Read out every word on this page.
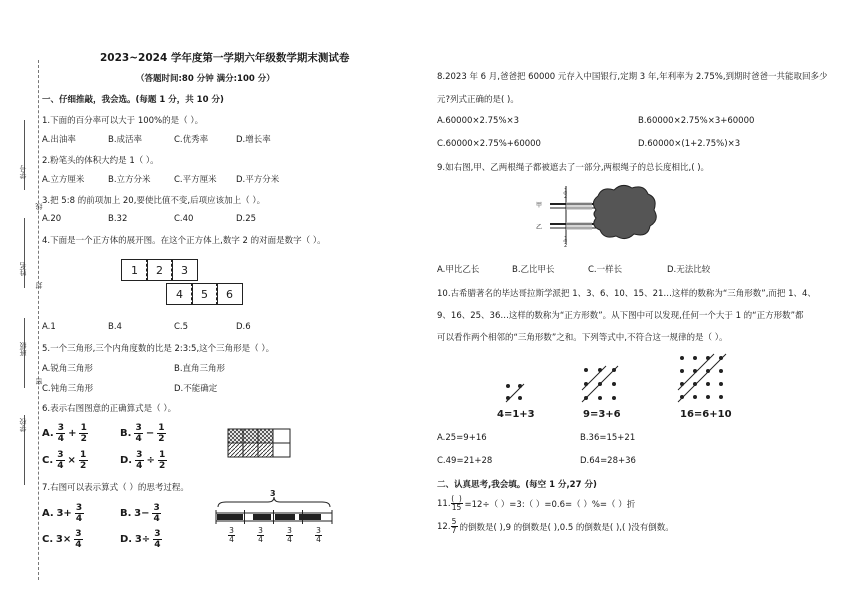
学号
线
姓名
封
班级
密
学校
2023~2024 学年度第一学期六年级数学期末测试卷
（答题时间:80 分钟 满分:100 分）
一、仔细推敲，我会选。(每题 1 分，共 10 分)
1.下面的百分率可以大于 100%的是（ ）。
A.出油率	B.成活率	C.优秀率	D.增长率
2.粉笔头的体积大约是 1（ ）。
A.立方厘米	B.立方分米	C.平方厘米 D.平方分米
3.把 5:8 的前项加上 20,要使比值不变,后项应该加上（ ）。
A.20	B.32	C.40	D.25
4.下面是一个正方体的展开图。在这个正方体上,数字 2 的对面是数字（ ）。
1	2	3
4	5	6
A.1	B.4	C.5	D.6
5.一个三角形,三个内角度数的比是 2:3:5,这个三角形是（ ）。
A.锐角三角形	B.直角三角形
C.钝角三角形	D.不能确定
6.表示右图图意的正确算式是（ ）。
A. $\frac{3}{4} + \frac{1}{2}$	B. $\frac{3}{4} - \frac{1}{2}$
C. $\frac{3}{4} \times \frac{1}{2}$	D. $\frac{3}{4} \div \frac{1}{2}$
7.右图可以表示算式（ ）的思考过程。
A. $3+ \frac{3}{4}$	B. $3- \frac{3}{4}$
C. $3\times \frac{3}{4}$	D. $3\div \frac{3}{4}$
3
3
4
3
4
3
4
3
4
8.2023 年 6 月,爸爸把 60000 元存入中国银行,定期 3 年,年利率为 2.75%,到期时爸爸一共能取回多少
元?列式正确的是( )。
A.60000×2.75%×3	B.60000×2.75%×3+60000
C.60000×2.75%+60000	D.60000×(1+2.75%)×3
9.如右图,甲、乙两根绳子都被遮去了一部分,两根绳子的总长度相比,( )。
1
2
1
2
甲
乙
A.甲比乙长	B.乙比甲长	C.一样长	D.无法比较
10.古希腊著名的毕达哥拉斯学派把 1、3、6、10、15、21…这样的数称为“三角形数”,而把 1、4、
9、16、25、36…这样的数称为“正方形数”。从下图中可以发现,任何一个大于 1 的“正方形数”都
可以看作两个相邻的“三角形数”之和。下列等式中,不符合这一规律的是（ ）。
4=1+3	9=3+6	16=6+10
A.25=9+16	B.36=15+21
C.49=21+28	D.64=28+36
二、认真思考,我会填。(每空 1 分,27 分)
11. (  )
15 =12÷（ ）=3:（ ）=0.6=（ ）%=（ ）折
12. 5
7 的倒数是( ),9 的倒数是( ),0.5 的倒数是( ),( )没有倒数。
